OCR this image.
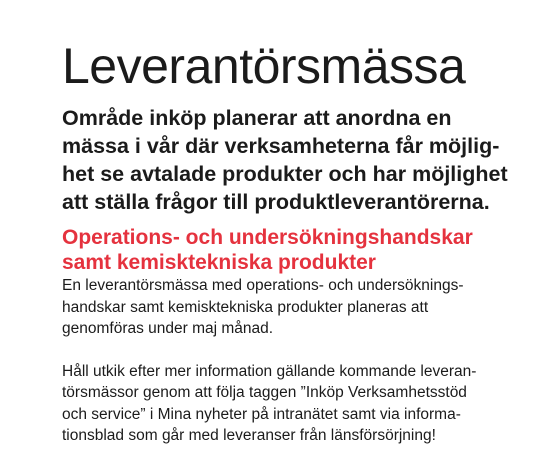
Leverantörsmässa

Område inköp planerar att anordna en
mässa i vår där verksamheterna får möjlig-
het se avtalade produkter och har möjlighet
att ställa frågor till produktleverantörerna.

Operations- och undersökningshandskar
samt kemisktekniska produkter

En leverantörsmässa med operations- och undersöknings-
handskar samt kemisktekniska produkter planeras att
genomföras under maj månad.

Håll utkik efter mer information gällande kommande leveran-
törsmässor genom att följa taggen ”Inköp Verksamhetsstöd
och service” i Mina nyheter på intranätet samt via informa-
tionsblad som går med leveranser från länsförsörjning!
